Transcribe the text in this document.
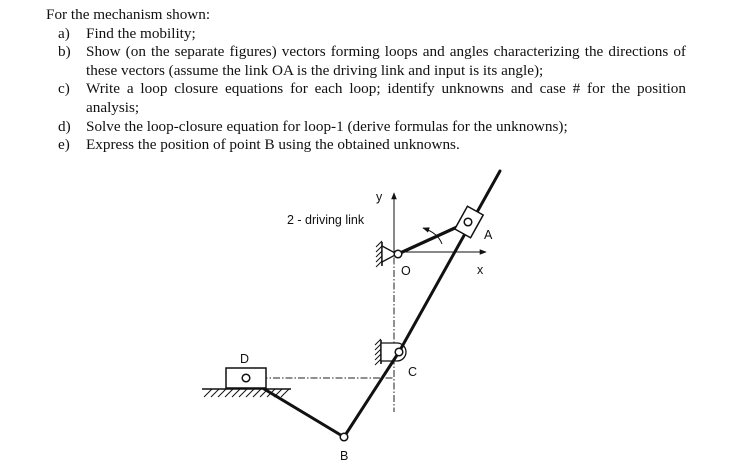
For the mechanism shown:

a) Find the mobility;
b) Show (on the separate figures) vectors forming loops and angles characterizing the directions of these vectors (assume the link OA is the driving link and input is its angle);
c) Write a loop closure equations for each loop; identify unknowns and case # for the position analysis;
d) Solve the loop-closure equation for loop-1 (derive formulas for the unknowns);
e) Express the position of point B using the obtained unknowns.
2 - driving link
y
x
O
A
C
D
B
